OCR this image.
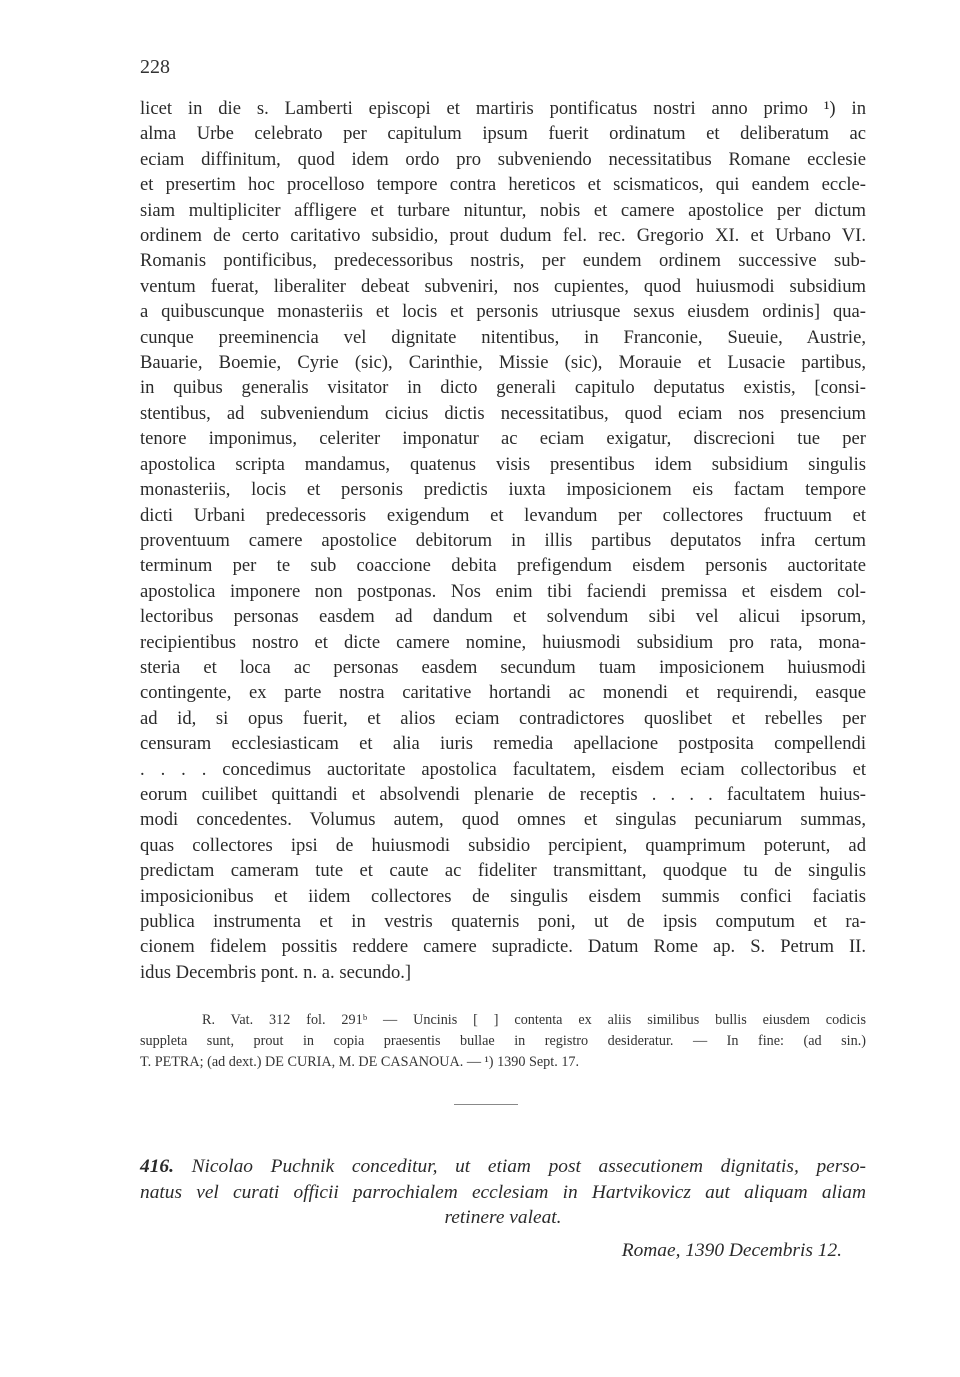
228
licet in die s. Lamberti episcopi et martiris pontificatus nostri anno primo ¹) in
alma Urbe celebrato per capitulum ipsum fuerit ordinatum et deliberatum ac
eciam diffinitum, quod idem ordo pro subveniendo necessitatibus Romane ecclesie
et presertim hoc procelloso tempore contra hereticos et scismaticos, qui eandem eccle-
siam multipliciter affligere et turbare nituntur, nobis et camere apostolice per dictum
ordinem de certo caritativo subsidio, prout dudum fel. rec. Gregorio XI. et Urbano VI.
Romanis pontificibus, predecessoribus nostris, per eundem ordinem successive sub-
ventum fuerat, liberaliter debeat subveniri, nos cupientes, quod huiusmodi subsidium
a quibuscunque monasteriis et locis et personis utriusque sexus eiusdem ordinis] qua-
cunque preeminencia vel dignitate nitentibus, in Franconie, Sueuie, Austrie,
Bauarie, Boemie, Cyrie (sic), Carinthie, Missie (sic), Morauie et Lusacie partibus,
in quibus generalis visitator in dicto generali capitulo deputatus existis, [consi-
stentibus, ad subveniendum cicius dictis necessitatibus, quod eciam nos presencium
tenore imponimus, celeriter imponatur ac eciam exigatur, discrecioni tue per
apostolica scripta mandamus, quatenus visis presentibus idem subsidium singulis
monasteriis, locis et personis predictis iuxta imposicionem eis factam tempore
dicti Urbani predecessoris exigendum et levandum per collectores fructuum et
proventuum camere apostolice debitorum in illis partibus deputatos infra certum
terminum per te sub coaccione debita prefigendum eisdem personis auctoritate
apostolica imponere non postponas. Nos enim tibi faciendi premissa et eisdem col-
lectoribus personas easdem ad dandum et solvendum sibi vel alicui ipsorum,
recipientibus nostro et dicte camere nomine, huiusmodi subsidium pro rata, mona-
steria et loca ac personas easdem secundum tuam imposicionem huiusmodi
contingente, ex parte nostra caritative hortandi ac monendi et requirendi, easque
ad id, si opus fuerit, et alios eciam contradictores quoslibet et rebelles per
censuram ecclesiasticam et alia iuris remedia apellacione postposita compellendi
. . . . concedimus auctoritate apostolica facultatem, eisdem eciam collectoribus et
eorum cuilibet quittandi et absolvendi plenarie de receptis . . . . facultatem huius-
modi concedentes. Volumus autem, quod omnes et singulas pecuniarum summas,
quas collectores ipsi de huiusmodi subsidio percipient, quamprimum poterunt, ad
predictam cameram tute et caute ac fideliter transmittant, quodque tu de singulis
imposicionibus et iidem collectores de singulis eisdem summis confici faciatis
publica instrumenta et in vestris quaternis poni, ut de ipsis computum et ra-
cionem fidelem possitis reddere camere supradicte. Datum Rome ap. S. Petrum II.
idus Decembris pont. n. a. secundo.]
R. Vat. 312 fol. 291ᵇ — Uncinis [ ] contenta ex aliis similibus bullis eiusdem codicis
suppleta sunt, prout in copia praesentis bullae in registro desideratur. — In fine: (ad sin.)
T. PETRA; (ad dext.) DE CURIA, M. DE CASANOUA. — ¹) 1390 Sept. 17.
416. Nicolao Puchnik conceditur, ut etiam post assecutionem dignitatis, perso-
natus vel curati officii parrochialem ecclesiam in Hartvikovicz aut aliquam aliam
retinere valeat.
Romae, 1390 Decembris 12.
